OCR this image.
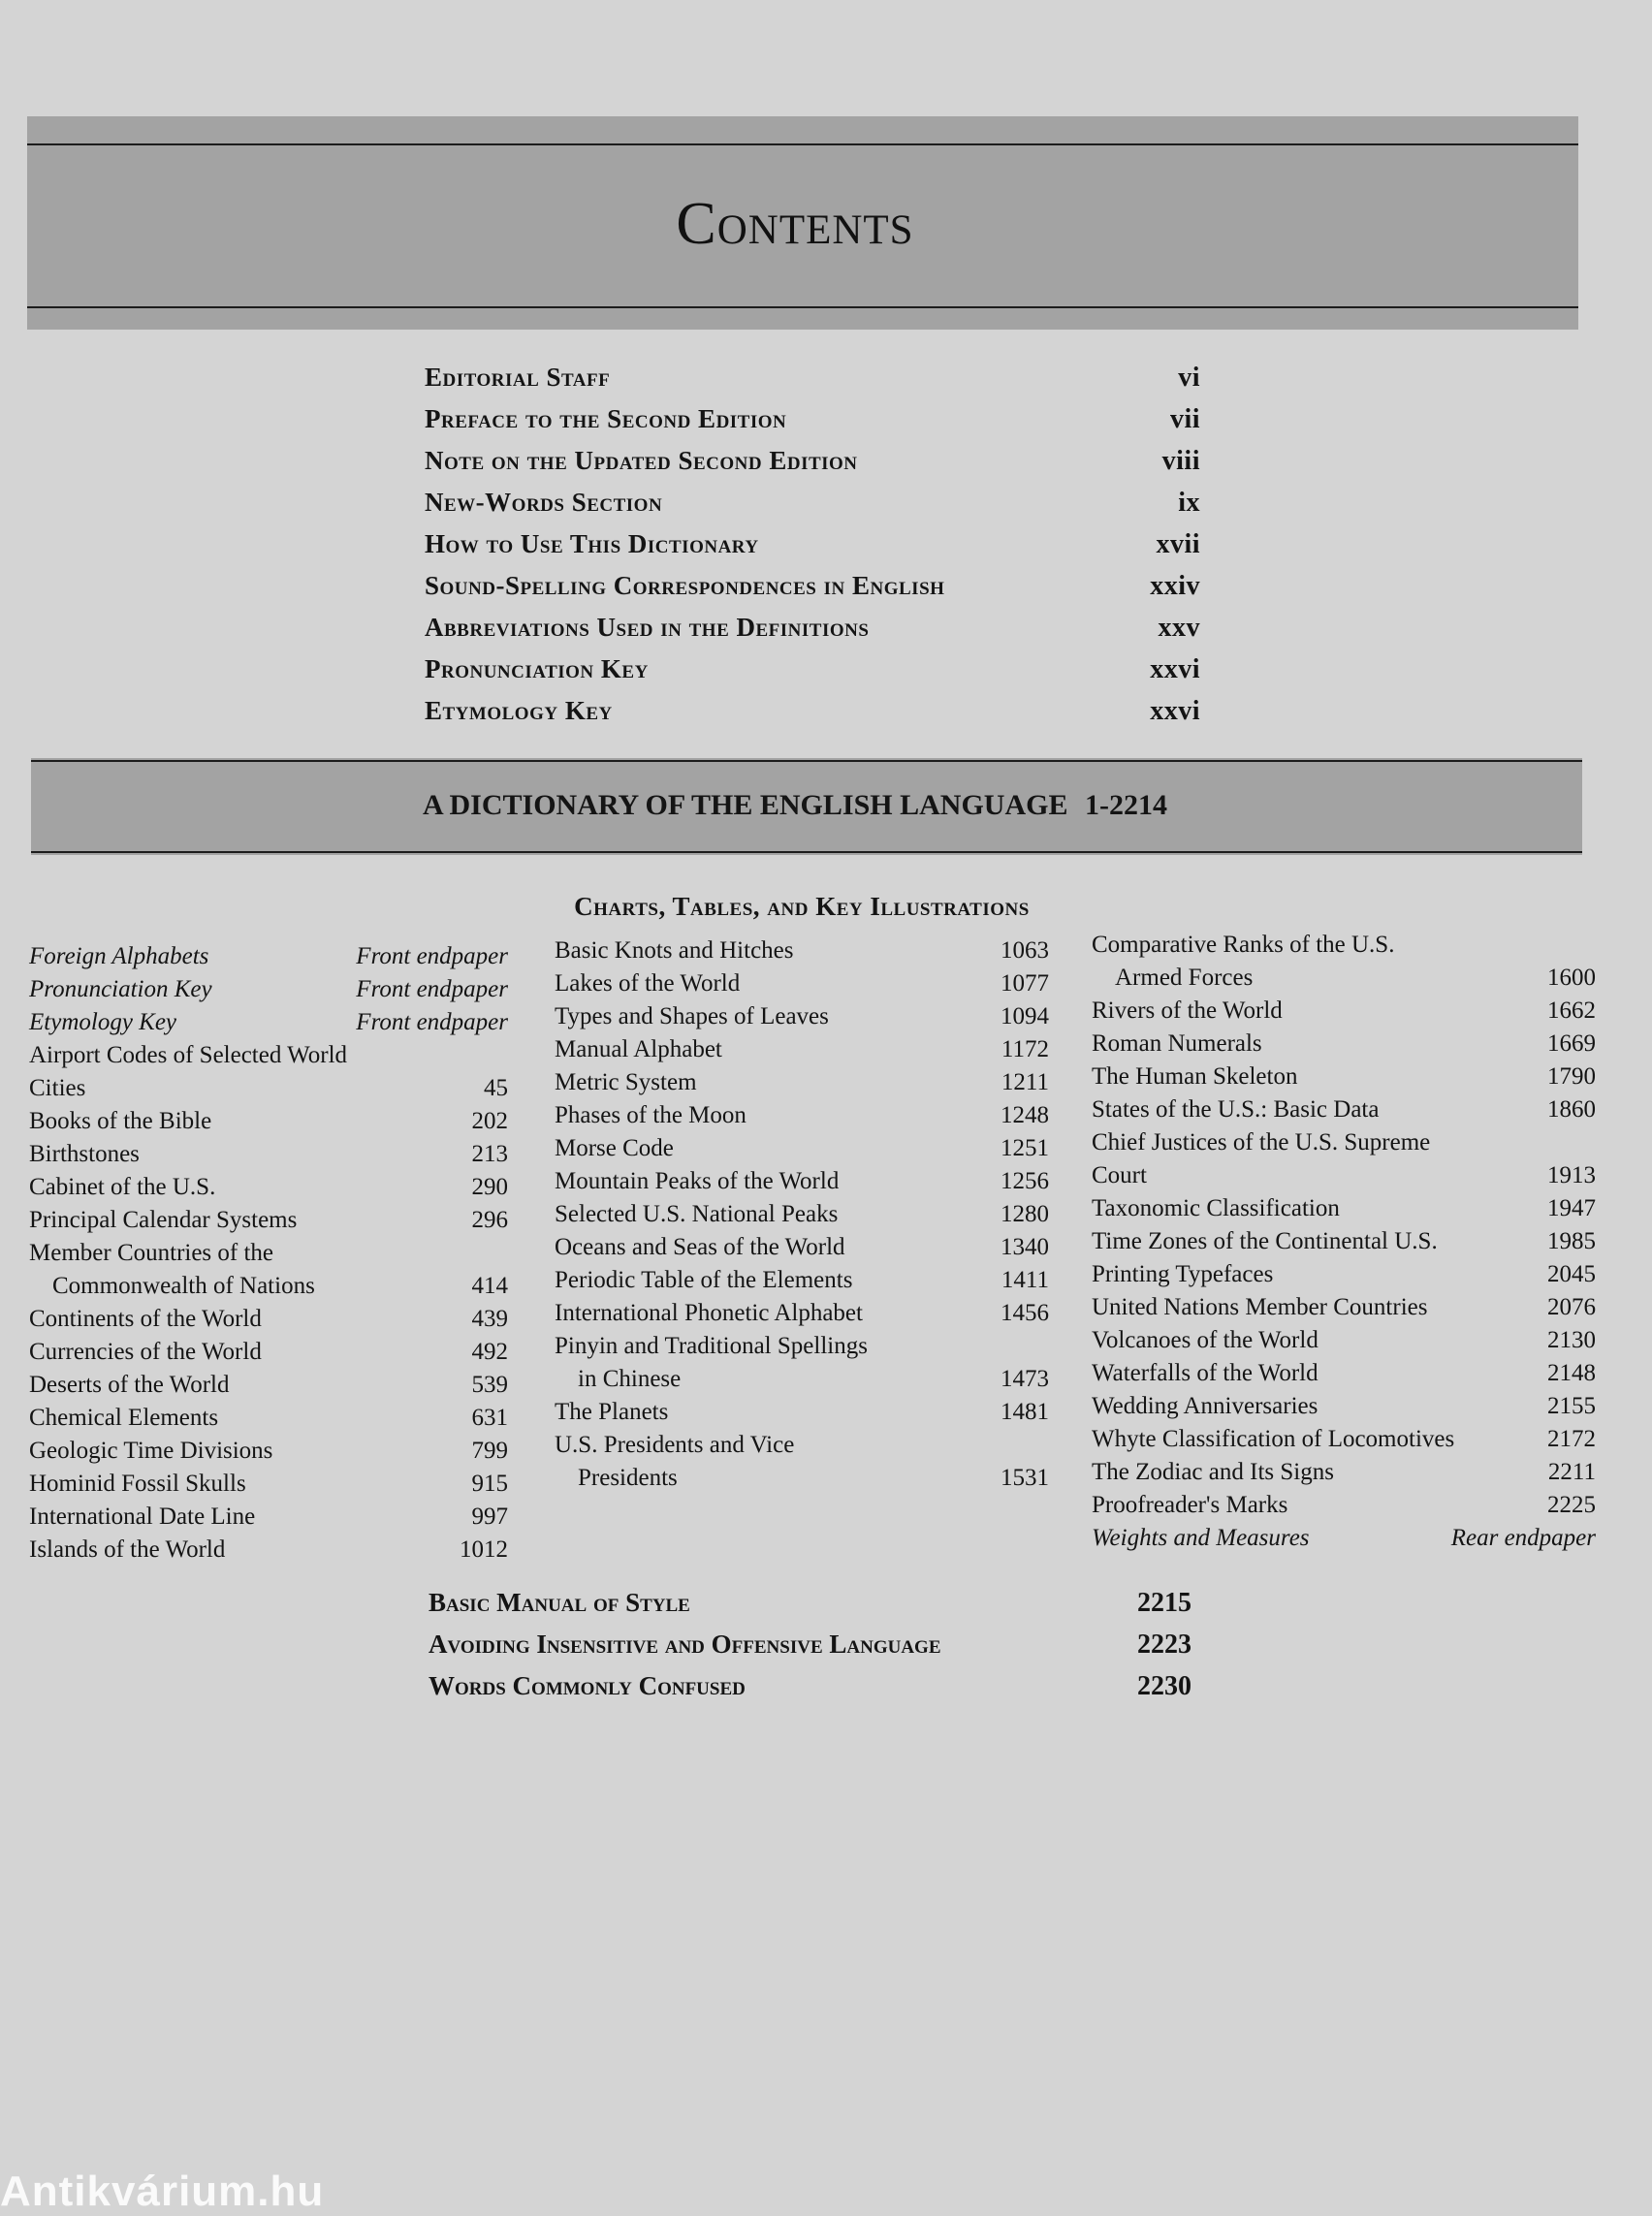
Contents
Editorial Staff	vi
Preface to the Second Edition	vii
Note on the Updated Second Edition	viii
New-Words Section	ix
How to Use This Dictionary	xvii
Sound-Spelling Correspondences in English	xxiv
Abbreviations Used in the Definitions	xxv
Pronunciation Key	xxvi
Etymology Key	xxvi
A DICTIONARY OF THE ENGLISH LANGUAGE 1-2214
Charts, Tables, and Key Illustrations
Foreign Alphabets	Front endpaper
Pronunciation Key	Front endpaper
Etymology Key	Front endpaper
Airport Codes of Selected World Cities	45
Books of the Bible	202
Birthstones	213
Cabinet of the U.S.	290
Principal Calendar Systems	296
Member Countries of the
Commonwealth of Nations	414
Continents of the World	439
Currencies of the World	492
Deserts of the World	539
Chemical Elements	631
Geologic Time Divisions	799
Hominid Fossil Skulls	915
International Date Line	997
Islands of the World	1012
Basic Knots and Hitches	1063
Lakes of the World	1077
Types and Shapes of Leaves	1094
Manual Alphabet	1172
Metric System	1211
Phases of the Moon	1248
Morse Code	1251
Mountain Peaks of the World	1256
Selected U.S. National Peaks	1280
Oceans and Seas of the World	1340
Periodic Table of the Elements	1411
International Phonetic Alphabet	1456
Pinyin and Traditional Spellings
in Chinese	1473
The Planets	1481
U.S. Presidents and Vice
Presidents	1531
Comparative Ranks of the U.S.
Armed Forces	1600
Rivers of the World	1662
Roman Numerals	1669
The Human Skeleton	1790
States of the U.S.: Basic Data	1860
Chief Justices of the U.S. Supreme Court	1913
Taxonomic Classification	1947
Time Zones of the Continental U.S.	1985
Printing Typefaces	2045
United Nations Member Countries	2076
Volcanoes of the World	2130
Waterfalls of the World	2148
Wedding Anniversaries	2155
Whyte Classification of Locomotives	2172
The Zodiac and Its Signs	2211
Proofreader's Marks	2225
Weights and Measures	Rear endpaper
Basic Manual of Style	2215
Avoiding Insensitive and Offensive Language	2223
Words Commonly Confused	2230
Antikvárium.hu
